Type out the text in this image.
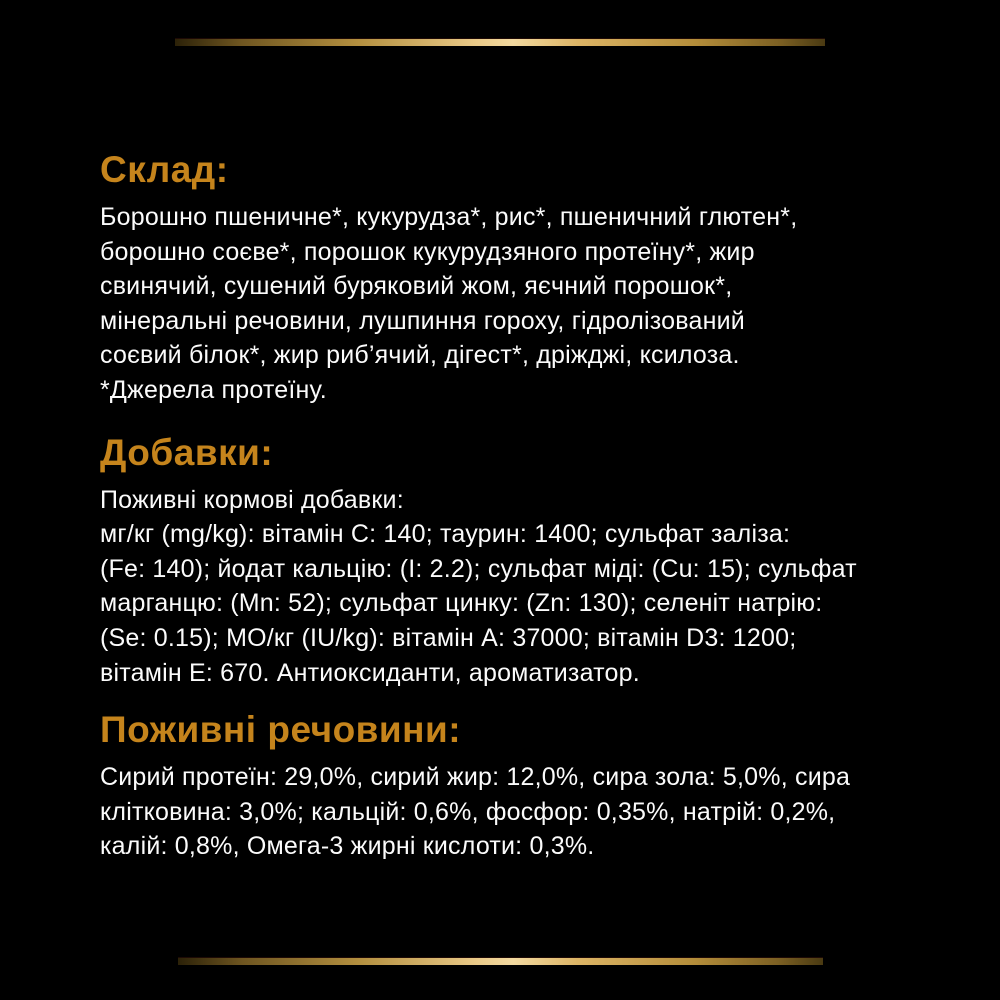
Склад:
Борошно пшеничне*, кукурудза*, рис*, пшеничний глютен*,
борошно соєве*, порошок кукурудзяного протеїну*, жир
свинячий, сушений буряковий жом, яєчний порошок*,
мінеральні речовини, лушпиння гороху, гідролізований
соєвий білок*, жир риб’ячий, дігест*, дріжджі, ксилоза.
*Джерела протеїну.
Добавки:
Поживні кормові добавки:
мг/кг (mg/kg): вітамін C: 140; таурин: 1400; сульфат заліза:
(Fe: 140); йодат кальцію: (I: 2.2); сульфат міді: (Cu: 15); сульфат
марганцю: (Mn: 52); сульфат цинку: (Zn: 130); селеніт натрію:
(Se: 0.15); МО/кг (IU/kg): вітамін A: 37000; вітамін D3: 1200;
вітамін E: 670. Антиоксиданти, ароматизатор.
Поживні речовини:
Сирий протеїн: 29,0%, сирий жир: 12,0%, сира зола: 5,0%, сира
клітковина: 3,0%; кальцій: 0,6%, фосфор: 0,35%, натрій: 0,2%,
калій: 0,8%, Омега-3 жирні кислоти: 0,3%.
